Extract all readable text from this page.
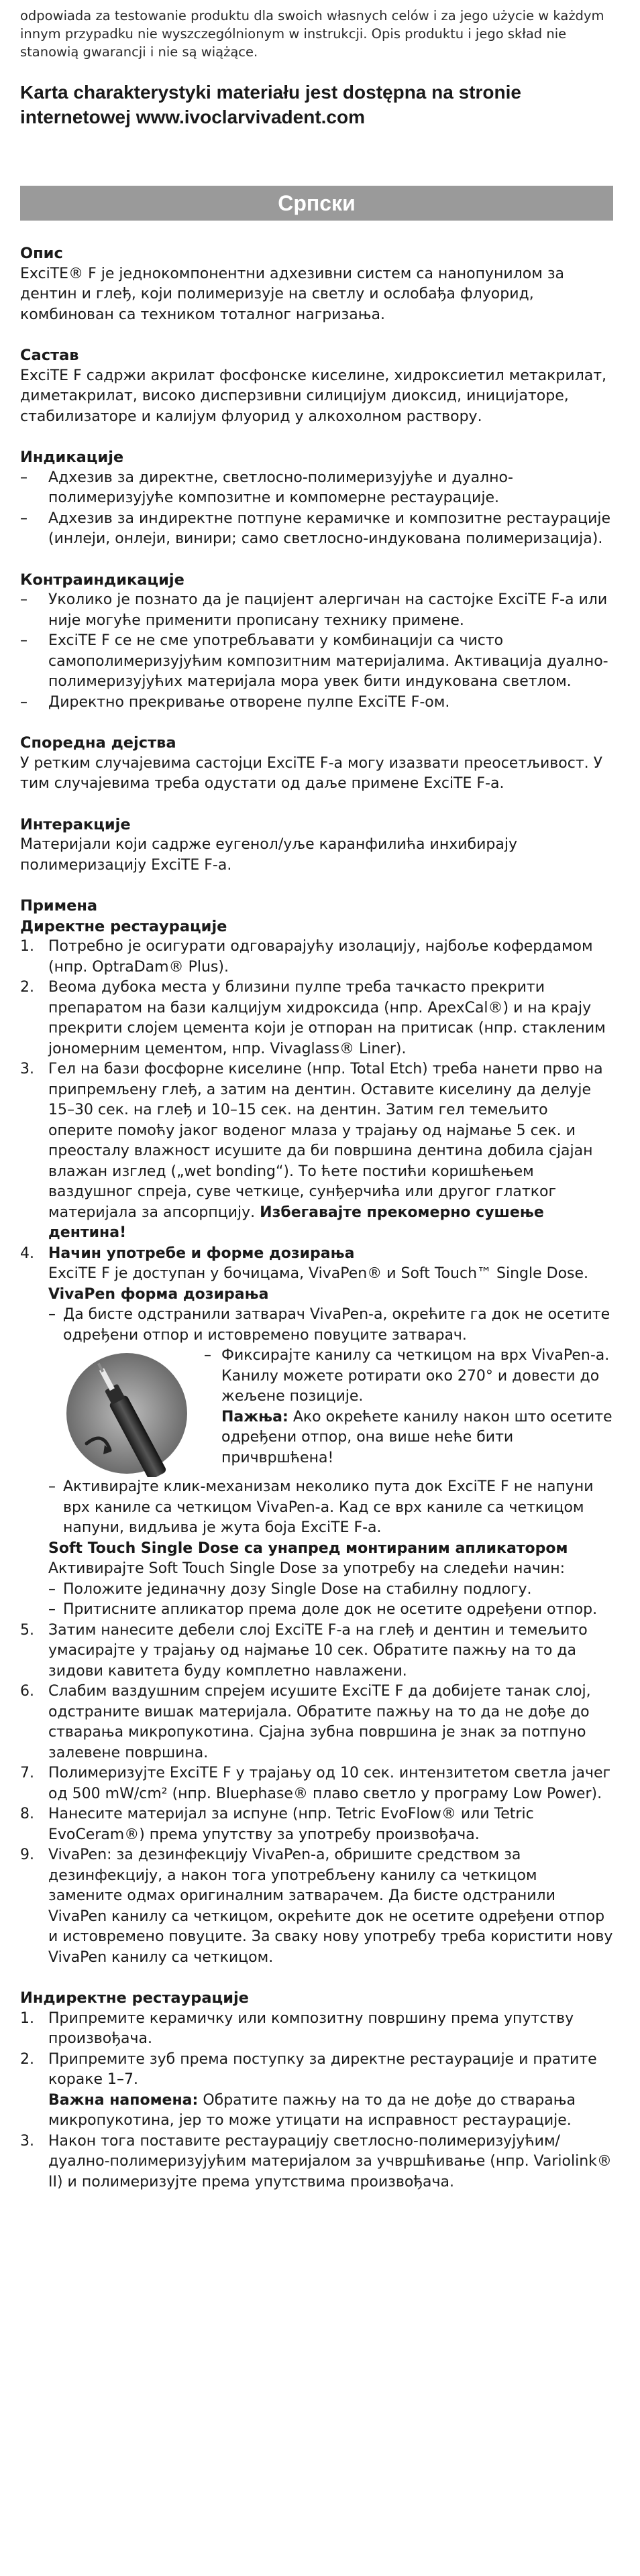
odpowiada za testowanie produktu dla swoich własnych celów i za jego użycie w każdym innym przypadku nie wyszczególnionym w instrukcji. Opis produktu i jego skład nie stanowią gwarancji i nie są wiążące.

Karta charakterystyki materiału jest dostępna na stronie internetowej www.ivoclarvivadent.com

Српски
Опис

ExciTE® F је једнокомпонентни адхезивни систем са нанопунилом за дентин и глеђ, који полимеризује на светлу и ослобађа флуорид, комбинован са техником тоталног нагризања.

Састав

ExciTE F садржи акрилат фосфонске киселине, хидроксиетил метакрилат, диметакрилат, високо дисперзивни силицијум диоксид, иницијаторе, стабилизаторе и калијум флуорид у алкохолном раствору.

Индикације
– Адхезив за директне, светлосно-полимеризујуће и дуално-полимеризујуће композитне и компомерне рестаурације.
– Адхезив за индиректне потпуне керамичке и композитне рестаурације (инлеји, онлеји, винири; само светлосно-индукована полимеризација).
Контраиндикације
– Уколико је познато да је пацијент алергичан на састојке ExciTE F-a или није могуће применити прописану технику примене.
– ExciTE F се не сме употребљавати у комбинацији са чисто самополимеризујућим композитним материјалима. Активација дуално-полимеризујућих материјала мора увек бити индукована светлом.
– Директно прекривање отворене пулпе ExciTE F-ом.
Споредна дејства

У ретким случајевима састојци ExciTE F-a могу изазвати преосетљивост. У тим случајевима треба одустати од даље примене ExciTE F-a.

Интеракције

Материјали који садрже еугенол/уље каранфилића инхибирају полимеризацију ExciTE F-a.

Примена
Директне рестаурације
1. Потребно је осигурати одговарајућу изолацију, најбоље кофердамом (нпр. OptraDam® Plus).
2. Веома дубока места у близини пулпе треба тачкасто прекрити препаратом на бази калцијум хидроксида (нпр. ApexCal®) и на крају прекрити слојем цемента који је отпоран на притисак (нпр. стакленим јономерним цементом, нпр. Vivaglass® Liner).
3. Гел на бази фосфорне киселине (нпр. Total Etch) треба нанети прво на припремљену глеђ, а затим на дентин. Оставите киселину да делује 15–30 сек. на глеђ и 10–15 сек. на дентин. Затим гел темељито оперите помоћу јаког воденог млаза у трајању од најмање 5 сек. и преосталу влажност исушите да би површина дентина добила сјајан влажан изглед („wet bonding“). То ћете постићи коришћењем ваздушног спреја, суве четкице, сунђерчића или другог глатког материјала за апсорпцију. Избегавајте прекомерно сушење дентина!
4. Начин употребе и форме дозирања
ExciTE F је доступан у бочицама, VivaPen® и Soft Touch™ Single Dose.
VivaPen форма дозирања
– Да бисте одстранили затварач VivaPen-а, окрећите га док не осетите одређени отпор и истовремено повуците затварач.
– Фиксирајте канилу са четкицом на врх VivaPen-а. Канилу можете ротирати око 270° и довести до жељене позиције.
Пажња: Ако окрећете канилу након што осетите одређени отпор, она више неће бити причвршћена!
– Активирајте клик-механизам неколико пута док ExciTE F не напуни врх каниле са четкицом VivaPen-а. Кад се врх каниле са четкицом напуни, видљива је жута боја ExciTE F-a.
Soft Touch Single Dose са унапред монтираним апликатором
Активирајте Soft Touch Single Dose за употребу на следећи начин:
– Положите јединачну дозу Single Dose на стабилну подлогу.
– Притисните апликатор према доле док не осетите одређени отпор.
5. Затим нанесите дебели слој ExciTE F-a на глеђ и дентин и темељито умасирајте у трајању од најмање 10 сек. Обратите пажњу на то да зидови кавитета буду комплетно навлажени.
6. Слабим ваздушним спрејем исушите ExciTE F да добијете танак слој, одстраните вишак материјала. Обратите пажњу на то да не дође до стварања микропукотина. Сјајна зубна површина је знак за потпуно залевене површина.
7. Полимеризујте ExciTE F у трајању од 10 сек. интензитетом светла јачег од 500 mW/cm² (нпр. Bluephase® плаво светло у програму Low Power).
8. Нанесите материјал за испуне (нпр. Tetric EvoFlow® или Tetric EvoCeram®) према упутству за употребу произвођача.
9. VivaPen: за дезинфекцију VivaPen-a, обришите средством за дезинфекцију, а након тога употребљену канилу са четкицом замените одмах оригиналним затварачем. Да бисте одстранили VivaPen канилу са четкицом, окрећите док не осетите одређени отпор и истовремено повуците. За сваку нову употребу треба користити нову VivaPen канилу са четкицом.
Индиректне рестаурације
1. Припремите керамичку или композитну површину према упутству произвођача.
2. Припремите зуб према поступку за директне рестаурације и пратите кораке 1–7.
Важна напомена: Обратите пажњу на то да не дође до стварања микропукотина, јер то може утицати на исправност рестаурације.
3. Након тога поставите рестаурацију светлосно-полимеризујућим/дуално-полимеризујућим материјалом за учвршћивање (нпр. Variolink® II) и полимеризујте према упутствима произвођача.
